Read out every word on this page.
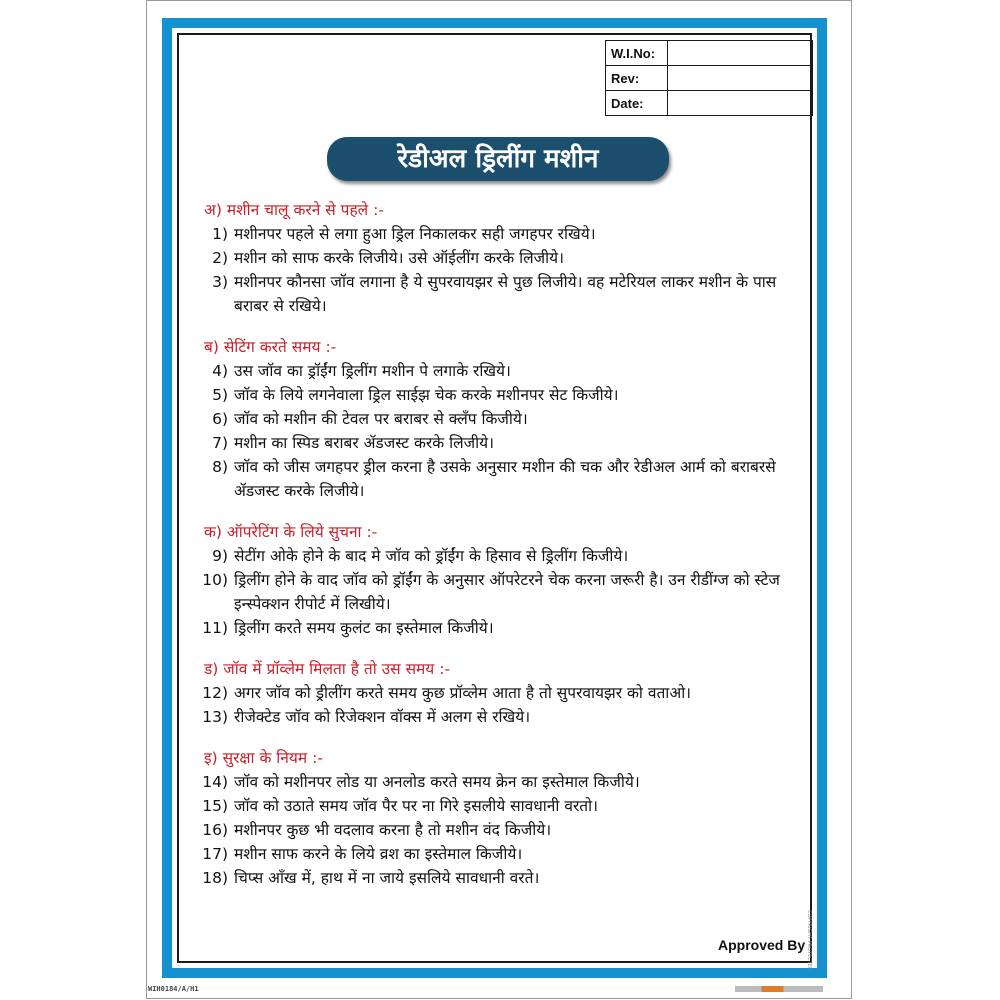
W.I.No:	
Rev:	
Date:	
रेडीअल ड्रिलींग मशीन
अ) मशीन चालू करने से पहले :-
1) मशीनपर पहले से लगा हुआ ड्रिल निकालकर सही जगहपर रखिये।
2) मशीन को साफ करके लिजीये। उसे ऑईलींग करके लिजीये।
3) मशीनपर कौनसा जॉव लगाना है ये सुपरवायझर से पुछ लिजीये। वह मटेरियल लाकर मशीन के पास बराबर से रखिये।
ब) सेटिंग करते समय :-
4) उस जॉव का ड्रॉईंग ड्रिलींग मशीन पे लगाके रखिये।
5) जॉव के लिये लगनेवाला ड्रिल साईझ चेक करके मशीनपर सेट किजीये।
6) जॉव को मशीन की टेवल पर बराबर से क्लॅंप किजीये।
7) मशीन का स्पिड बराबर ॲडजस्ट करके लिजीये।
8) जॉव को जीस जगहपर ड्रील करना है उसके अनुसार मशीन की चक और रेडीअल आर्म को बराबरसे ॲडजस्ट करके लिजीये।
क) ऑपरेटिंग के लिये सुचना :-
9) सेटींग ओके होने के बाद मे जॉव को ड्रॉईंग के हिसाव से ड्रिलींग किजीये।
10) ड्रिलींग होने के वाद जॉव को ड्रॉईंग के अनुसार ऑपरेटरने चेक करना जरूरी है। उन रीडींग्ज को स्टेज इन्स्पेक्शन रीपोर्ट में लिखीये।
11) ड्रिलींग करते समय कुलंट का इस्तेमाल किजीये।
ड) जॉव में प्रॉव्लेम मिलता है तो उस समय :-
12) अगर जॉव को ड्रीलींग करते समय कुछ प्रॉव्लेम आता है तो सुपरवायझर को वताओ।
13) रीजेक्टेड जॉव को रिजेक्शन वॉक्स में अलग से रखिये।
इ) सुरक्षा के नियम :-
14) जॉव को मशीनपर लोड या अनलोड करते समय क्रेन का इस्तेमाल किजीये।
15) जॉव को उठाते समय जॉव पैर पर ना गिरे इसलीये सावधानी वरतो।
16) मशीनपर कुछ भी वदलाव करना है तो मशीन वंद किजीये।
17) मशीन साफ करने के लिये व्रश का इस्तेमाल किजीये।
18) चिप्स आँख में, हाथ में ना जाये इसलिये सावधानी वरते।
Approved By
WIH0184/A/H1
COPYRIGHT PROTECTED
